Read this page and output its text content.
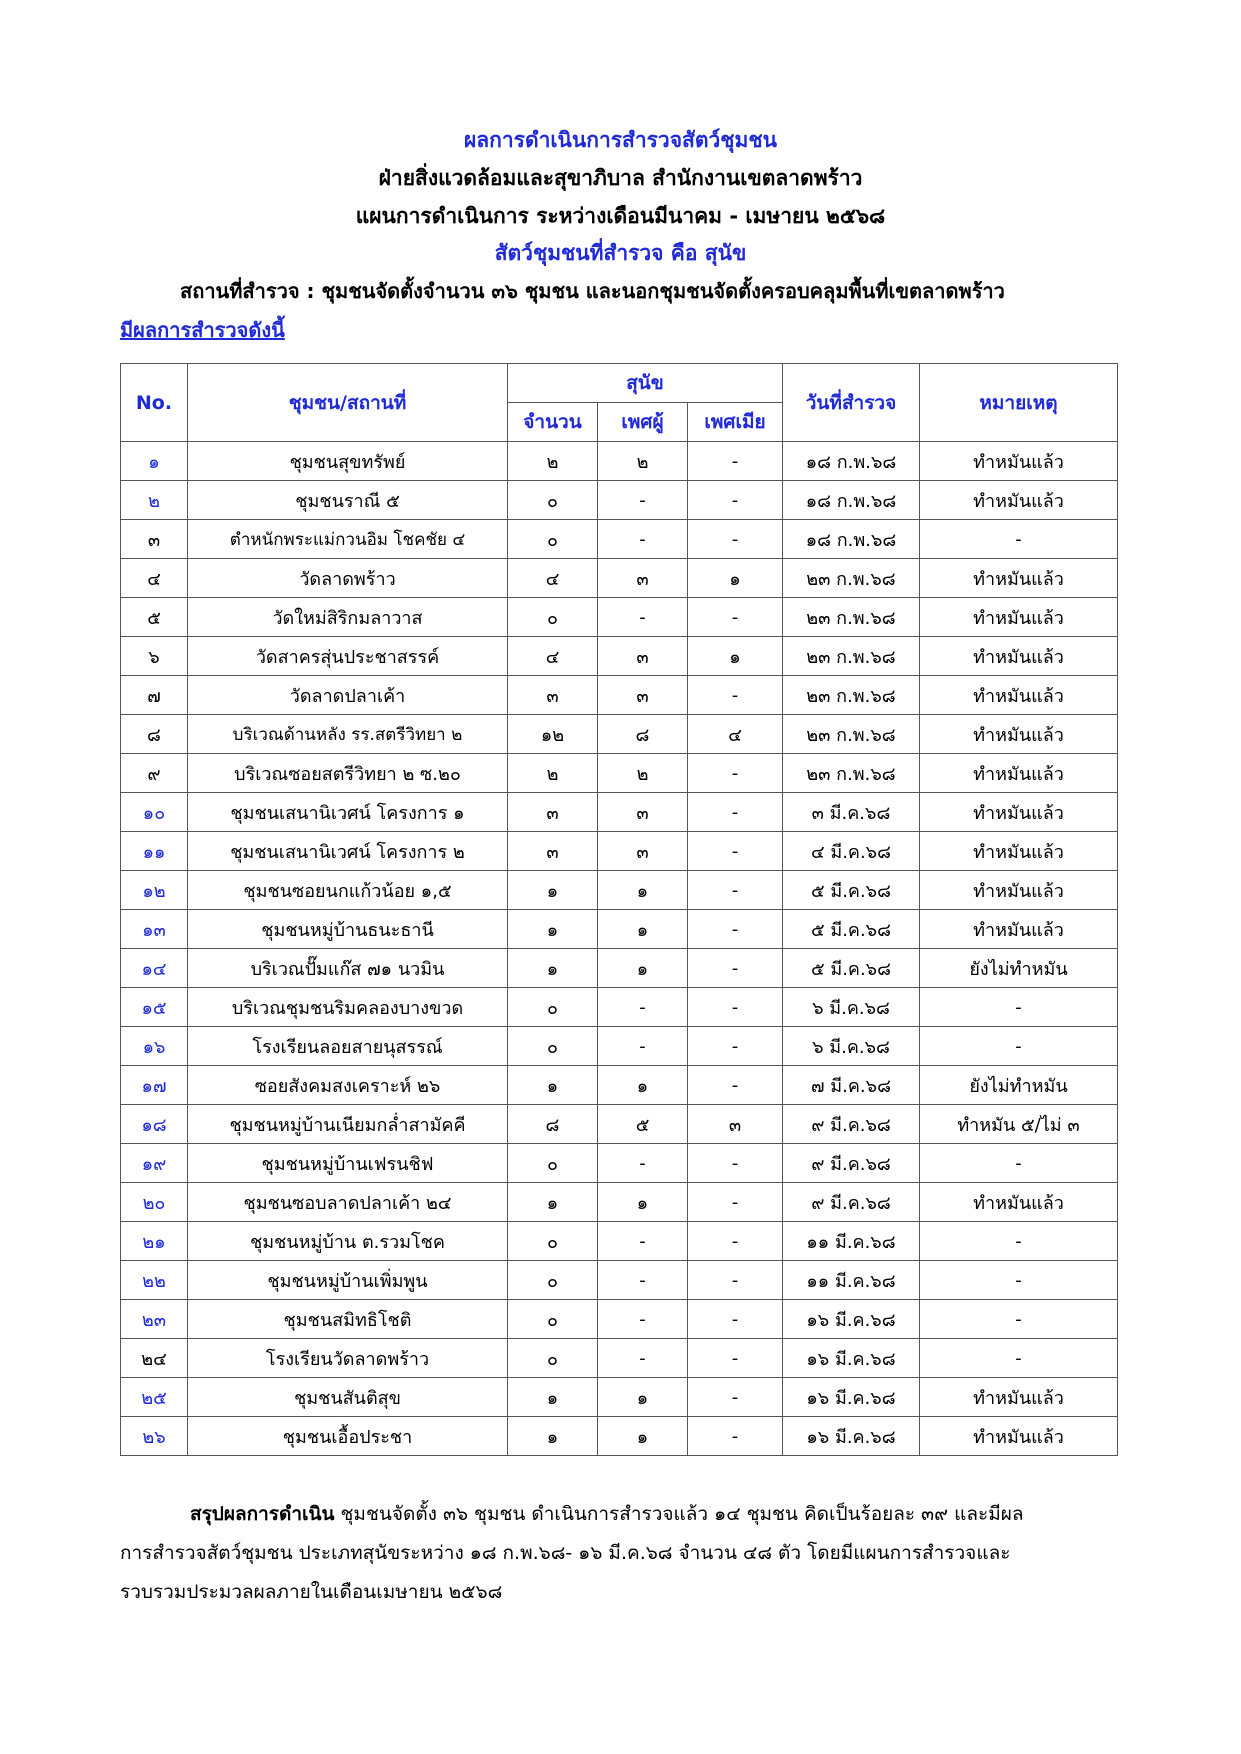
ผลการดำเนินการสำรวจสัตว์ชุมชน
ฝ่ายสิ่งแวดล้อมและสุขาภิบาล สำนักงานเขตลาดพร้าว
แผนการดำเนินการ ระหว่างเดือนมีนาคม - เมษายน ๒๕๖๘
สัตว์ชุมชนที่สำรวจ คือ สุนัข
สถานที่สำรวจ : ชุมชนจัดตั้งจำนวน ๓๖ ชุมชน และนอกชุมชนจัดตั้งครอบคลุมพื้นที่เขตลาดพร้าว
มีผลการสำรวจดังนี้
No.	ชุมชน/สถานที่	สุนัข			วันที่สำรวจ	หมายเหตุ
		จำนวน	เพศผู้	เพศเมีย		
๑	ชุมชนสุขทรัพย์	๒	๒	-	๑๘ ก.พ.๖๘	ทำหมันแล้ว
๒	ชุมชนราณี ๕	๐	-	-	๑๘ ก.พ.๖๘	ทำหมันแล้ว
๓	ตำหนักพระแม่กวนอิม โชคชัย ๔	๐	-	-	๑๘ ก.พ.๖๘	-
๔	วัดลาดพร้าว	๔	๓	๑	๒๓ ก.พ.๖๘	ทำหมันแล้ว
๕	วัดใหม่สิริกมลาวาส	๐	-	-	๒๓ ก.พ.๖๘	ทำหมันแล้ว
๖	วัดสาครสุ่นประชาสรรค์	๔	๓	๑	๒๓ ก.พ.๖๘	ทำหมันแล้ว
๗	วัดลาดปลาเค้า	๓	๓	-	๒๓ ก.พ.๖๘	ทำหมันแล้ว
๘	บริเวณด้านหลัง รร.สตรีวิทยา ๒	๑๒	๘	๔	๒๓ ก.พ.๖๘	ทำหมันแล้ว
๙	บริเวณซอยสตรีวิทยา ๒ ซ.๒๐	๒	๒	-	๒๓ ก.พ.๖๘	ทำหมันแล้ว
๑๐	ชุมชนเสนานิเวศน์ โครงการ ๑	๓	๓	-	๓ มี.ค.๖๘	ทำหมันแล้ว
๑๑	ชุมชนเสนานิเวศน์ โครงการ ๒	๓	๓	-	๔ มี.ค.๖๘	ทำหมันแล้ว
๑๒	ชุมชนซอยนกแก้วน้อย ๑,๕	๑	๑	-	๕ มี.ค.๖๘	ทำหมันแล้ว
๑๓	ชุมชนหมู่บ้านธนะธานี	๑	๑	-	๕ มี.ค.๖๘	ทำหมันแล้ว
๑๔	บริเวณปั๊มแก๊ส ๗๑ นวมิน	๑	๑	-	๕ มี.ค.๖๘	ยังไม่ทำหมัน
๑๕	บริเวณชุมชนริมคลองบางขวด	๐	-	-	๖ มี.ค.๖๘	-
๑๖	โรงเรียนลอยสายนุสรรณ์	๐	-	-	๖ มี.ค.๖๘	-
๑๗	ซอยสังคมสงเคราะห์ ๒๖	๑	๑	-	๗ มี.ค.๖๘	ยังไม่ทำหมัน
๑๘	ชุมชนหมู่บ้านเนียมกล่ำสามัคคี	๘	๕	๓	๙ มี.ค.๖๘	ทำหมัน ๕/ไม่ ๓
๑๙	ชุมชนหมู่บ้านเฟรนชิฟ	๐	-	-	๙ มี.ค.๖๘	-
๒๐	ชุมชนซอบลาดปลาเค้า ๒๔	๑	๑	-	๙ มี.ค.๖๘	ทำหมันแล้ว
๒๑	ชุมชนหมู่บ้าน ต.รวมโชค	๐	-	-	๑๑ มี.ค.๖๘	-
๒๒	ชุมชนหมู่บ้านเพิ่มพูน	๐	-	-	๑๑ มี.ค.๖๘	-
๒๓	ชุมชนสมิทธิโชติ	๐	-	-	๑๖ มี.ค.๖๘	-
๒๔	โรงเรียนวัดลาดพร้าว	๐	-	-	๑๖ มี.ค.๖๘	-
๒๕	ชุมชนสันติสุข	๑	๑	-	๑๖ มี.ค.๖๘	ทำหมันแล้ว
๒๖	ชุมชนเอื้อประชา	๑	๑	-	๑๖ มี.ค.๖๘	ทำหมันแล้ว

สรุปผลการดำเนิน ชุมชนจัดตั้ง ๓๖ ชุมชน ดำเนินการสำรวจแล้ว ๑๔ ชุมชน คิดเป็นร้อยละ ๓๙ และมีผล

การสำรวจสัตว์ชุมชน ประเภทสุนัขระหว่าง ๑๘ ก.พ.๖๘- ๑๖ มี.ค.๖๘ จำนวน ๔๘ ตัว โดยมีแผนการสำรวจและ

รวบรวมประมวลผลภายในเดือนเมษายน ๒๕๖๘
